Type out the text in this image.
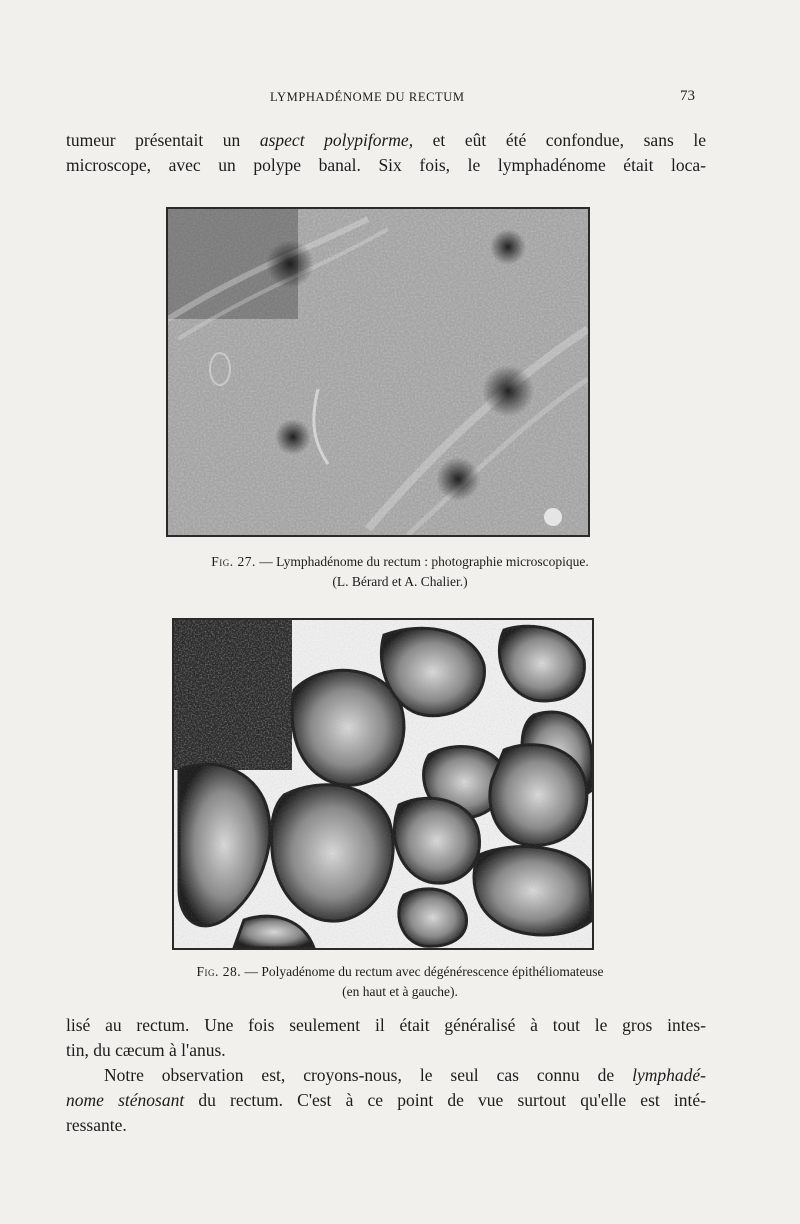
LYMPHADÉNOME DU RECTUM	73

tumeur présentait un aspect polypiforme, et eût été confondue, sans le
microscope, avec un polype banal. Six fois, le lymphadénome était loca-

Fig. 27. — Lymphadénome du rectum : photographie microscopique.
(L. Bérard et A. Chalier.)
Fig. 28. — Polyadénome du rectum avec dégénérescence épithéliomateuse
(en haut et à gauche).

lisé au rectum. Une fois seulement il était généralisé à tout le gros intes-
tin, du cæcum à l'anus.

Notre observation est, croyons-nous, le seul cas connu de lymphadé-
nome sténosant du rectum. C'est à ce point de vue surtout qu'elle est inté-
ressante.
